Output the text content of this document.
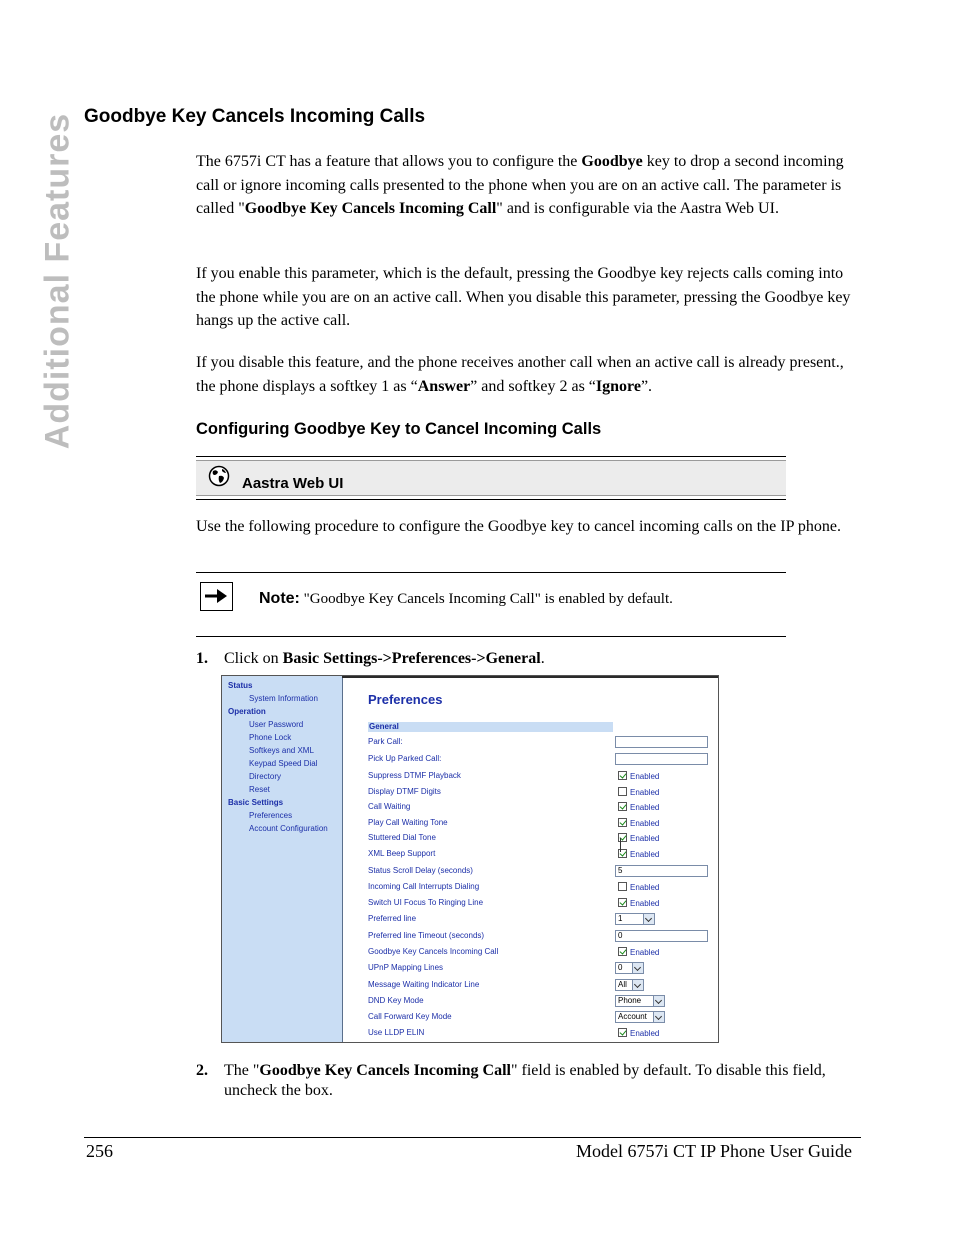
Additional Features Goodbye Key Cancels Incoming Calls

The 6757i CT has a feature that allows you to configure the Goodbye key to drop a second incoming call or ignore incoming calls presented to the phone when you are on an active call. The parameter is called "Goodbye Key Cancels Incoming Call" and is configurable via the Aastra Web UI.

If you enable this parameter, which is the default, pressing the Goodbye key rejects calls coming into the phone while you are on an active call. When you disable this parameter, pressing the Goodbye key hangs up the active call.

If you disable this feature, and the phone receives another call when an active call is already present., the phone displays a softkey 1 as “Answer” and softkey 2 as “Ignore”.

Configuring Goodbye Key to Cancel Incoming Calls
Aastra Web UI

Use the following procedure to configure the Goodbye key to cancel incoming calls on the IP phone.

Note: "Goodbye Key Cancels Incoming Call" is enabled by default.
1. Click on Basic Settings->Preferences->General.
Status
System Information
Operation
User Password
Phone Lock
Softkeys and XML
Keypad Speed Dial
Directory
Reset
Basic Settings
Preferences
Account Configuration
Preferences
General
Park Call:
Pick Up Parked Call:
Suppress DTMF Playback	Enabled
Display DTMF Digits	Enabled
Call Waiting	Enabled
Play Call Waiting Tone	Enabled
Stuttered Dial Tone	Enabled
XML Beep Support	Enabled
Status Scroll Delay (seconds)	5
Incoming Call Interrupts Dialing	Enabled
Switch UI Focus To Ringing Line	Enabled
Preferred line	1
Preferred line Timeout (seconds)	0
Goodbye Key Cancels Incoming Call	Enabled
UPnP Mapping Lines	0
Message Waiting Indicator Line	All
DND Key Mode	Phone
Call Forward Key Mode	Account
Use LLDP ELIN	Enabled
2. The "Goodbye Key Cancels Incoming Call" field is enabled by default. To disable this field, uncheck the box.
256	Model 6757i CT IP Phone User Guide
